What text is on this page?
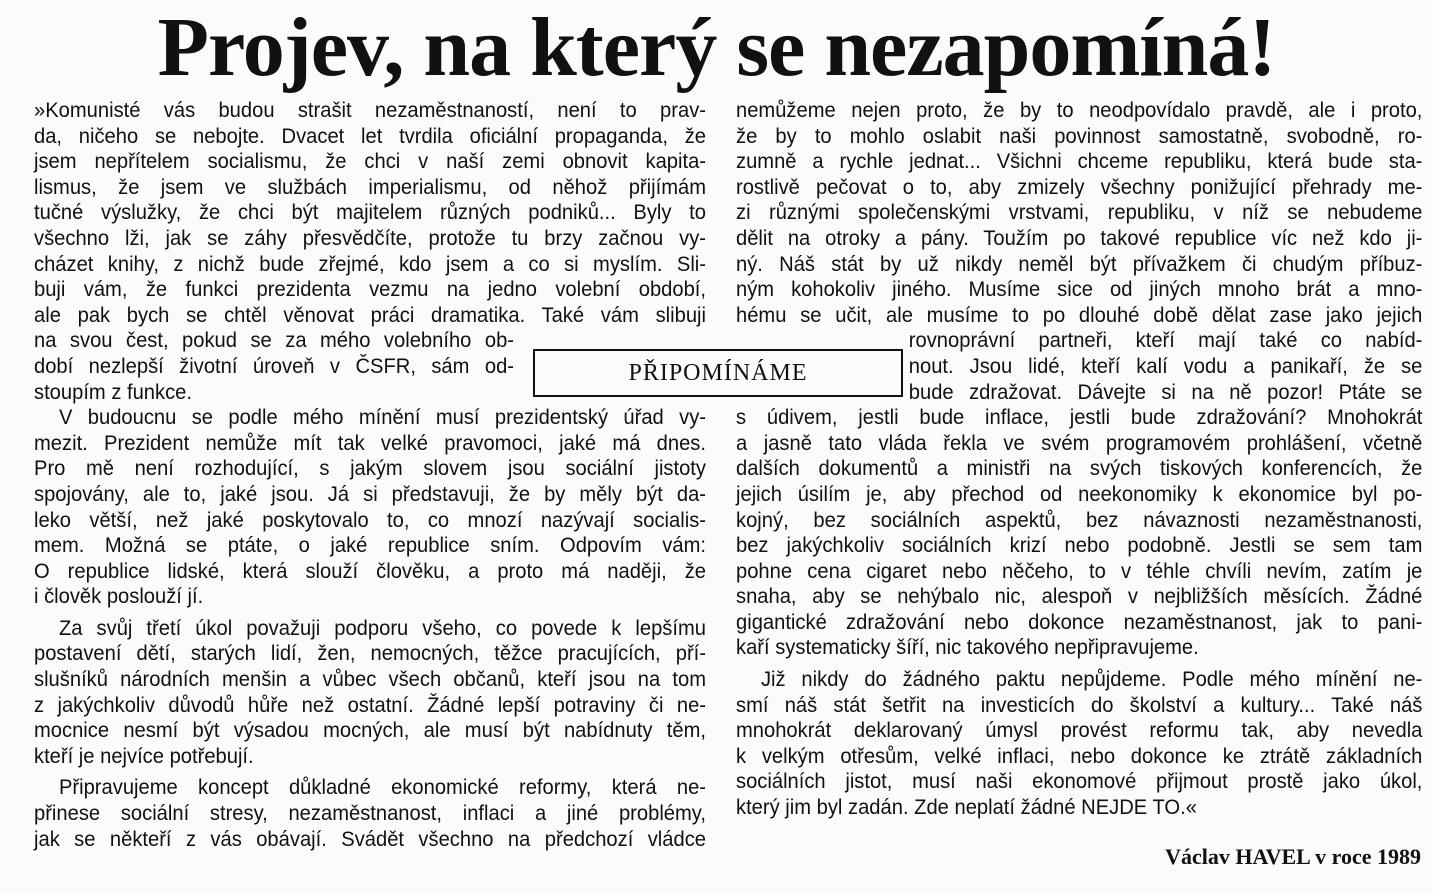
Projev, na který se nezapomíná!
»Komunisté vás budou strašit nezaměstnaností, není to prav-
da, ničeho se nebojte. Dvacet let tvrdila oficiální propaganda, že
jsem nepřítelem socialismu, že chci v naší zemi obnovit kapita-
lismus, že jsem ve službách imperialismu, od něhož přijímám
tučné výslužky, že chci být majitelem různých podniků... Byly to
všechno lži, jak se záhy přesvědčíte, protože tu brzy začnou vy-
cházet knihy, z nichž bude zřejmé, kdo jsem a co si myslím. Sli-
buji vám, že funkci prezidenta vezmu na jedno volební období,
ale pak bych se chtěl věnovat práci dramatika. Také vám slibuji
na svou čest, pokud se za mého volebního ob-
dobí nezlepší životní úroveň v ČSFR, sám od-
stoupím z funkce.
V budoucnu se podle mého mínění musí prezidentský úřad vy-
mezit. Prezident nemůže mít tak velké pravomoci, jaké má dnes.
Pro mě není rozhodující, s jakým slovem jsou sociální jistoty
spojovány, ale to, jaké jsou. Já si představuji, že by měly být da-
leko větší, než jaké poskytovalo to, co mnozí nazývají socialis-
mem. Možná se ptáte, o jaké republice sním. Odpovím vám:
O republice lidské, která slouží člověku, a proto má naději, že
i člověk poslouží jí.
Za svůj třetí úkol považuji podporu všeho, co povede k lepšímu
postavení dětí, starých lidí, žen, nemocných, těžce pracujících, pří-
slušníků národních menšin a vůbec všech občanů, kteří jsou na tom
z jakýchkoliv důvodů hůře než ostatní. Žádné lepší potraviny či ne-
mocnice nesmí být výsadou mocných, ale musí být nabídnuty těm,
kteří je nejvíce potřebují.
Připravujeme koncept důkladné ekonomické reformy, která ne-
přinese sociální stresy, nezaměstnanost, inflaci a jiné problémy,
jak se někteří z vás obávají. Svádět všechno na předchozí vládce
nemůžeme nejen proto, že by to neodpovídalo pravdě, ale i proto,
že by to mohlo oslabit naši povinnost samostatně, svobodně, ro-
zumně a rychle jednat... Všichni chceme republiku, která bude sta-
rostlivě pečovat o to, aby zmizely všechny ponižující přehrady me-
zi různými společenskými vrstvami, republiku, v níž se nebudeme
dělit na otroky a pány. Toužím po takové republice víc než kdo ji-
ný. Náš stát by už nikdy neměl být přívažkem či chudým příbuz-
ným kohokoliv jiného. Musíme sice od jiných mnoho brát a mno-
hému se učit, ale musíme to po dlouhé době dělat zase jako jejich
rovnoprávní partneři, kteří mají také co nabíd-
nout. Jsou lidé, kteří kalí vodu a panikaří, že se
bude zdražovat. Dávejte si na ně pozor! Ptáte se
s údivem, jestli bude inflace, jestli bude zdražování? Mnohokrát
a jasně tato vláda řekla ve svém programovém prohlášení, včetně
dalších dokumentů a ministři na svých tiskových konferencích, že
jejich úsilím je, aby přechod od neekonomiky k ekonomice byl po-
kojný, bez sociálních aspektů, bez návaznosti nezaměstnanosti,
bez jakýchkoliv sociálních krizí nebo podobně. Jestli se sem tam
pohne cena cigaret nebo něčeho, to v téhle chvíli nevím, zatím je
snaha, aby se nehýbalo nic, alespoň v nejbližších měsících. Žádné
gigantické zdražování nebo dokonce nezaměstnanost, jak to pani-
kaří systematicky šíří, nic takového nepřipravujeme.
Již nikdy do žádného paktu nepůjdeme. Podle mého mínění ne-
smí náš stát šetřit na investicích do školství a kultury... Také náš
mnohokrát deklarovaný úmysl provést reformu tak, aby nevedla
k velkým otřesům, velké inflaci, nebo dokonce ke ztrátě základních
sociálních jistot, musí naši ekonomové přijmout prostě jako úkol,
který jim byl zadán. Zde neplatí žádné NEJDE TO.«
PŘIPOMÍNÁME
Václav HAVEL v roce 1989
